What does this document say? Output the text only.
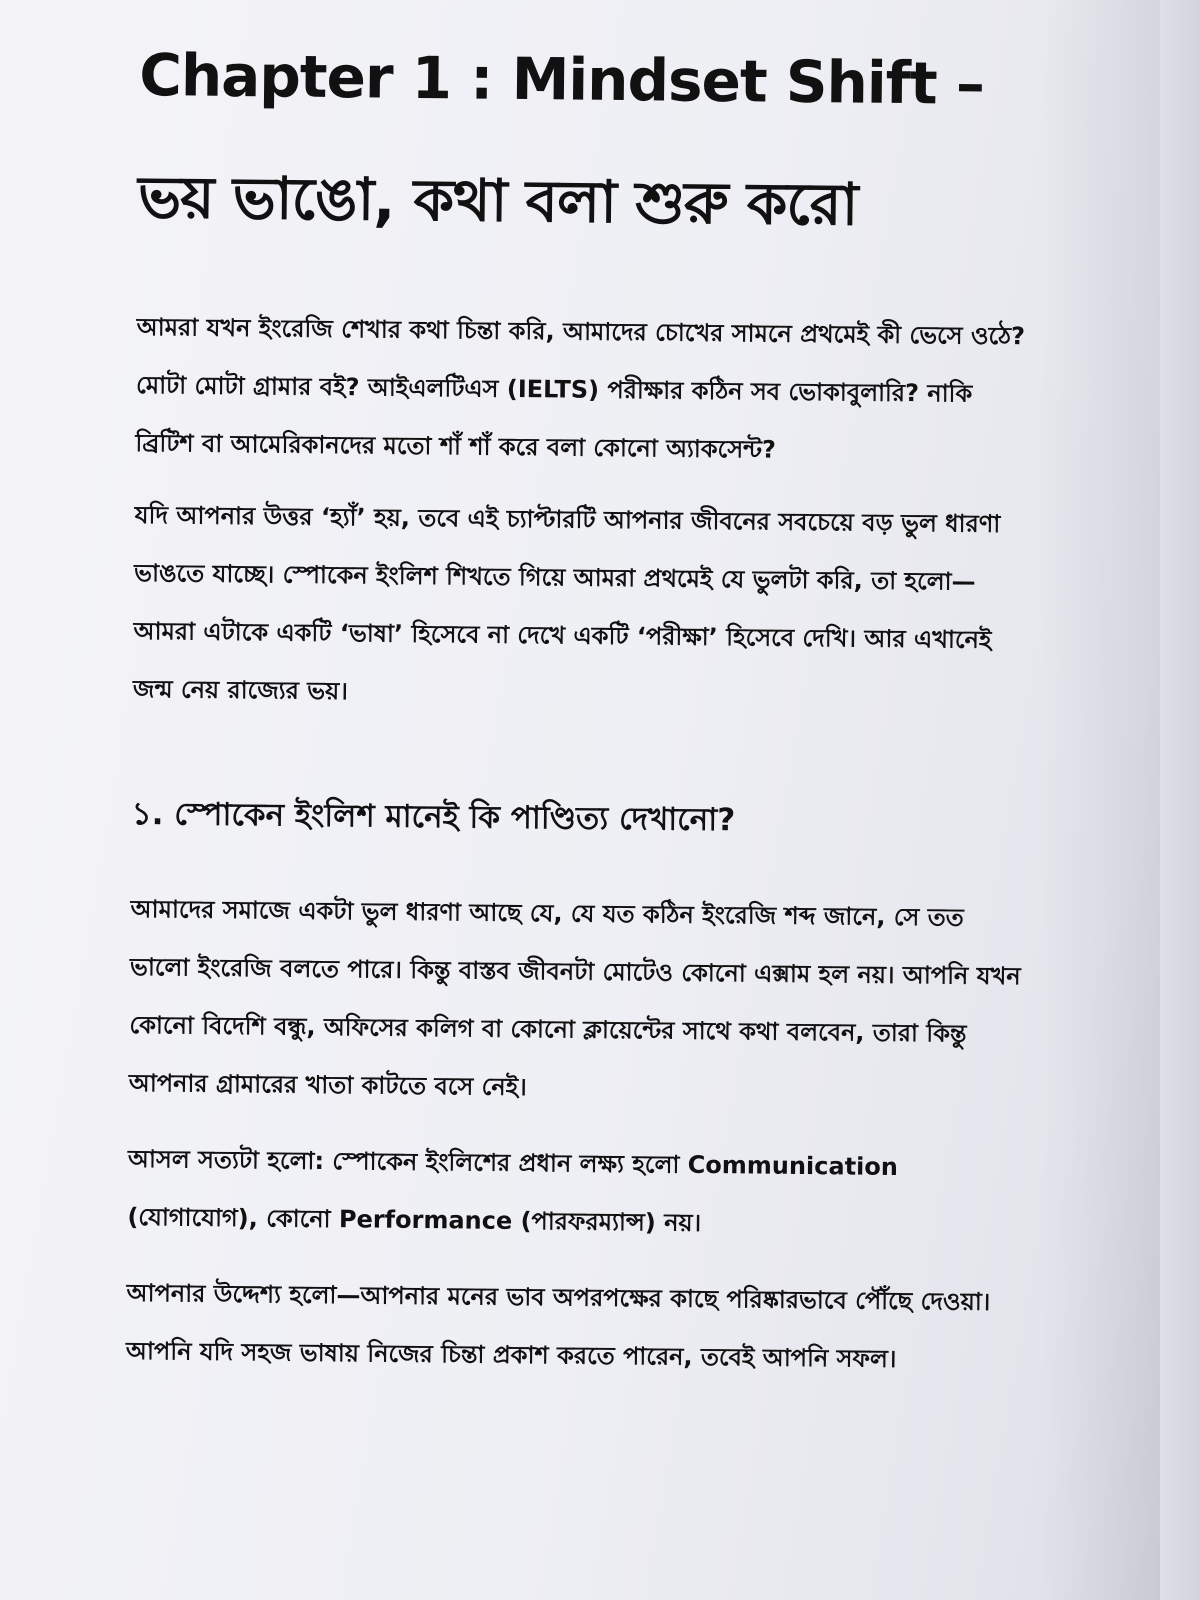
Chapter 1 : Mindset Shift – ভয় ভাঙো, কথা বলা শুরু করো

আমরা যখন ইংরেজি শেখার কথা চিন্তা করি, আমাদের চোখের সামনে প্রথমেই কী ভেসে ওঠে? মোটা মোটা গ্রামার বই? আইএলটিএস (IELTS) পরীক্ষার কঠিন সব ভোকাবুলারি? নাকি ব্রিটিশ বা আমেরিকানদের মতো শাঁ শাঁ করে বলা কোনো অ্যাকসেন্ট?

যদি আপনার উত্তর ‘হ্যাঁ’ হয়, তবে এই চ্যাপ্টারটি আপনার জীবনের সবচেয়ে বড় ভুল ধারণা ভাঙতে যাচ্ছে। স্পোকেন ইংলিশ শিখতে গিয়ে আমরা প্রথমেই যে ভুলটা করি, তা হলো—আমরা এটাকে একটি ‘ভাষা’ হিসেবে না দেখে একটি ‘পরীক্ষা’ হিসেবে দেখি। আর এখানেই জন্ম নেয় রাজ্যের ভয়।

১. স্পোকেন ইংলিশ মানেই কি পাণ্ডিত্য দেখানো?

আমাদের সমাজে একটা ভুল ধারণা আছে যে, যে যত কঠিন ইংরেজি শব্দ জানে, সে তত ভালো ইংরেজি বলতে পারে। কিন্তু বাস্তব জীবনটা মোটেও কোনো এক্সাম হল নয়। আপনি যখন কোনো বিদেশি বন্ধু, অফিসের কলিগ বা কোনো ক্লায়েন্টের সাথে কথা বলবেন, তারা কিন্তু আপনার গ্রামারের খাতা কাটতে বসে নেই।

আসল সত্যটা হলো: স্পোকেন ইংলিশের প্রধান লক্ষ্য হলো Communication (যোগাযোগ), কোনো Performance (পারফরম্যান্স) নয়।

আপনার উদ্দেশ্য হলো—আপনার মনের ভাব অপরপক্ষের কাছে পরিষ্কারভাবে পৌঁছে দেওয়া। আপনি যদি সহজ ভাষায় নিজের চিন্তা প্রকাশ করতে পারেন, তবেই আপনি সফল।
